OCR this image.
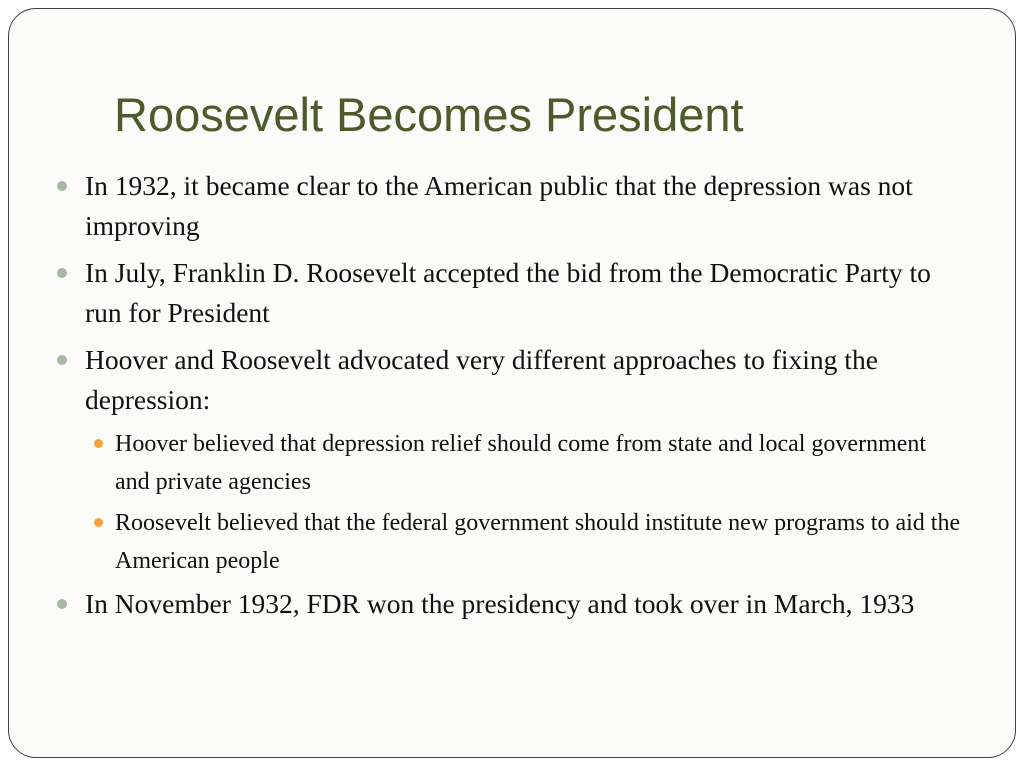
Roosevelt Becomes President
In 1932, it became clear to the American public that the depression was not improving
In July, Franklin D. Roosevelt accepted the bid from the Democratic Party to run for President
Hoover and Roosevelt advocated very different approaches to fixing the depression:
Hoover believed that depression relief should come from state and local government and private agencies
Roosevelt believed that the federal government should institute new programs to aid the American people
In November 1932, FDR won the presidency and took over in March, 1933
